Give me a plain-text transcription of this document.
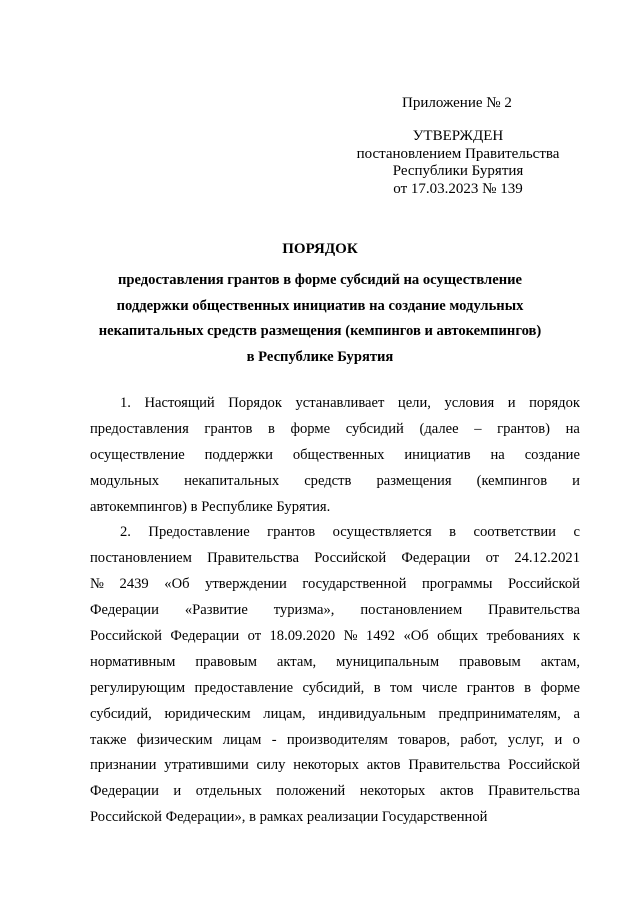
Приложение № 2
УТВЕРЖДЕН
постановлением Правительства
Республики Бурятия
от 17.03.2023 № 139
ПОРЯДОК
предоставления грантов в форме субсидий на осуществление
поддержки общественных инициатив на создание модульных
некапитальных средств размещения (кемпингов и автокемпингов)
в Республике Бурятия
1. Настоящий Порядок устанавливает цели, условия и порядок
предоставления грантов в форме субсидий (далее – грантов) на
осуществление поддержки общественных инициатив на создание
модульных некапитальных средств размещения (кемпингов и
автокемпингов) в Республике Бурятия.
2. Предоставление грантов осуществляется в соответствии с
постановлением Правительства Российской Федерации от 24.12.2021
№ 2439 «Об утверждении государственной программы Российской
Федерации «Развитие туризма», постановлением Правительства
Российской Федерации от 18.09.2020 № 1492 «Об общих требованиях к
нормативным правовым актам, муниципальным правовым актам,
регулирующим предоставление субсидий, в том числе грантов в форме
субсидий, юридическим лицам, индивидуальным предпринимателям, а
также физическим лицам - производителям товаров, работ, услуг, и о
признании утратившими силу некоторых актов Правительства Российской
Федерации и отдельных положений некоторых актов Правительства
Российской Федерации», в рамках реализации Государственной
